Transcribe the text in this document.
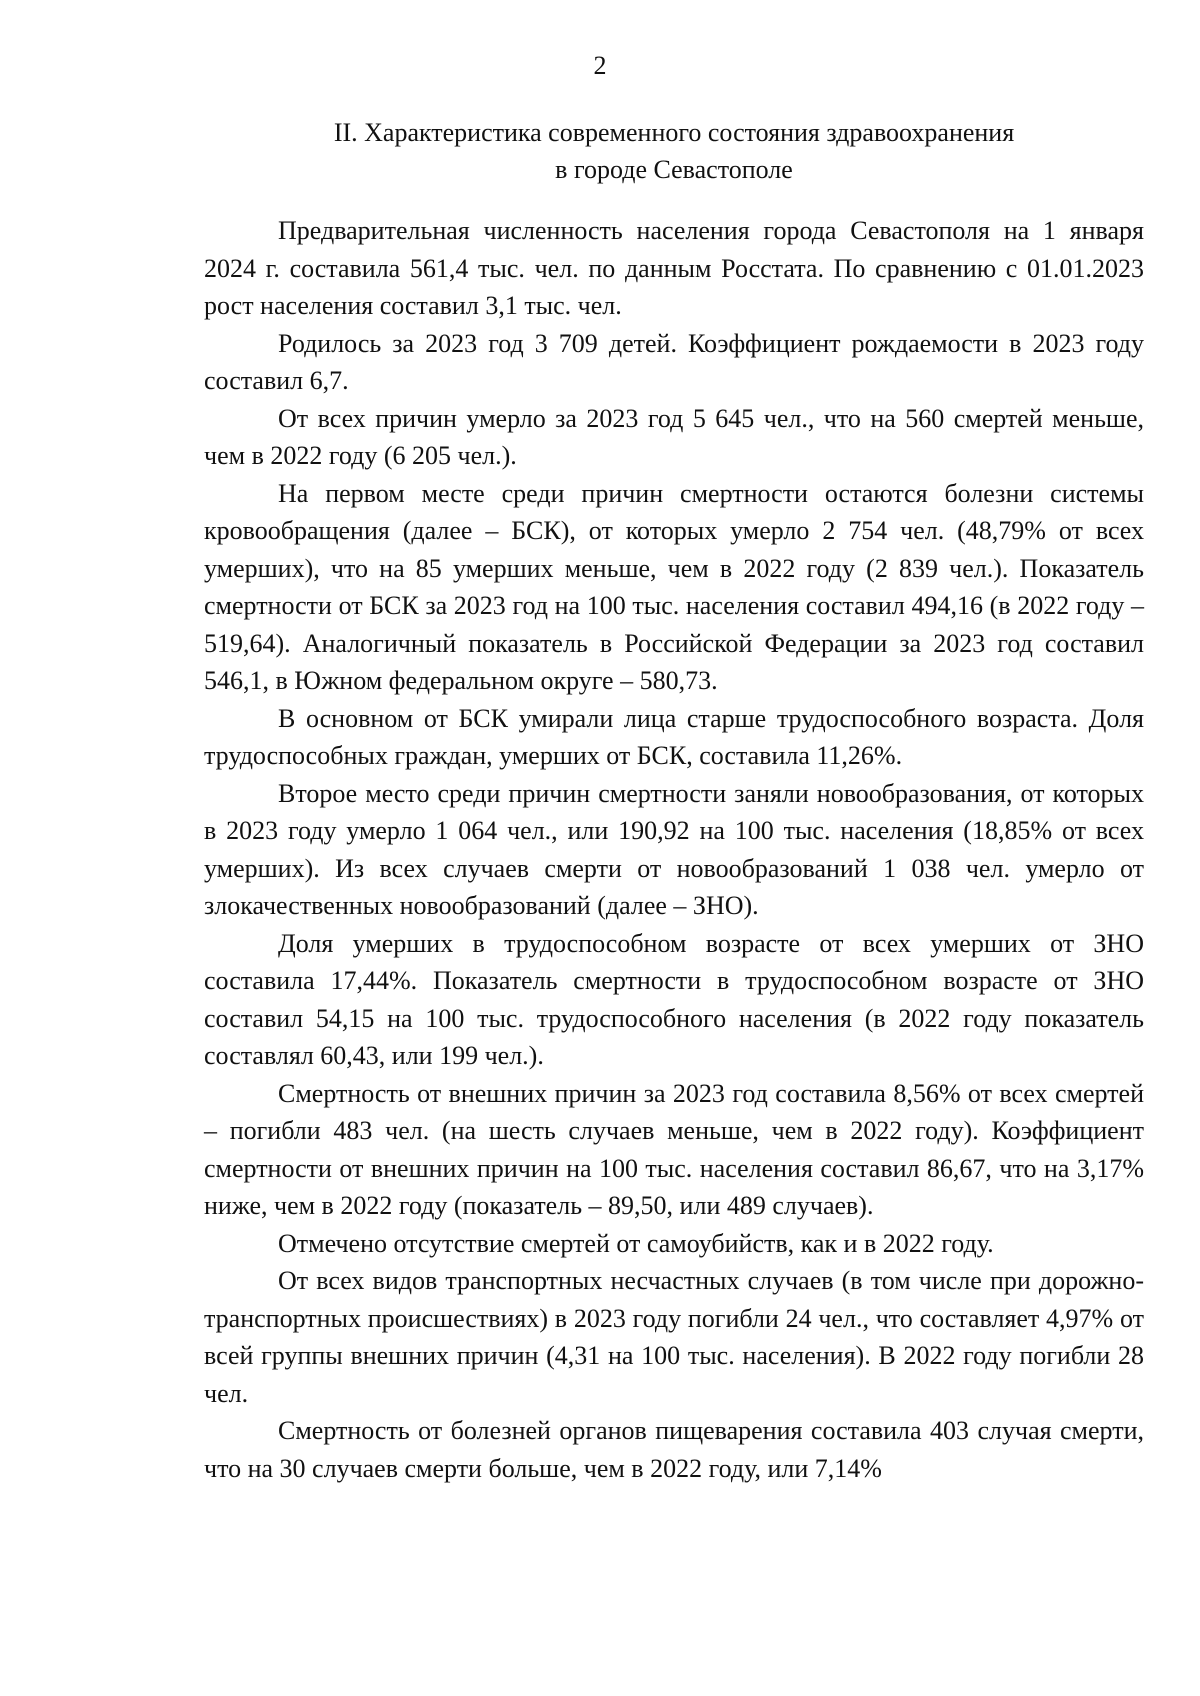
2
II. Характеристика современного состояния здравоохранения
в городе Севастополе

Предварительная численность населения города Севастополя на 1 января 2024 г. составила 561,4 тыс. чел. по данным Росстата. По сравнению с 01.01.2023 рост населения составил 3,1 тыс. чел.

Родилось за 2023 год 3 709 детей. Коэффициент рождаемости в 2023 году составил 6,7.

От всех причин умерло за 2023 год 5 645 чел., что на 560 смертей меньше, чем в 2022 году (6 205 чел.).

На первом месте среди причин смертности остаются болезни системы кровообращения (далее – БСК), от которых умерло 2 754 чел. (48,79% от всех умерших), что на 85 умерших меньше, чем в 2022 году (2 839 чел.). Показатель смертности от БСК за 2023 год на 100 тыс. населения составил 494,16 (в 2022 году – 519,64). Аналогичный показатель в Российской Федерации за 2023 год составил 546,1, в Южном федеральном округе – 580,73.

В основном от БСК умирали лица старше трудоспособного возраста. Доля трудоспособных граждан, умерших от БСК, составила 11,26%.

Второе место среди причин смертности заняли новообразования, от которых в 2023 году умерло 1 064 чел., или 190,92 на 100 тыс. населения (18,85% от всех умерших). Из всех случаев смерти от новообразований 1 038 чел. умерло от злокачественных новообразований (далее – ЗНО).

Доля умерших в трудоспособном возрасте от всех умерших от ЗНО составила 17,44%. Показатель смертности в трудоспособном возрасте от ЗНО составил 54,15 на 100 тыс. трудоспособного населения (в 2022 году показатель составлял 60,43, или 199 чел.).

Смертность от внешних причин за 2023 год составила 8,56% от всех смертей – погибли 483 чел. (на шесть случаев меньше, чем в 2022 году). Коэффициент смертности от внешних причин на 100 тыс. населения составил 86,67, что на 3,17% ниже, чем в 2022 году (показатель – 89,50, или 489 случаев).

Отмечено отсутствие смертей от самоубийств, как и в 2022 году.

От всех видов транспортных несчастных случаев (в том числе при дорожно-транспортных происшествиях) в 2023 году погибли 24 чел., что составляет 4,97% от всей группы внешних причин (4,31 на 100 тыс. населения). В 2022 году погибли 28 чел.

Смертность от болезней органов пищеварения составила 403 случая смерти, что на 30 случаев смерти больше, чем в 2022 году, или 7,14%
